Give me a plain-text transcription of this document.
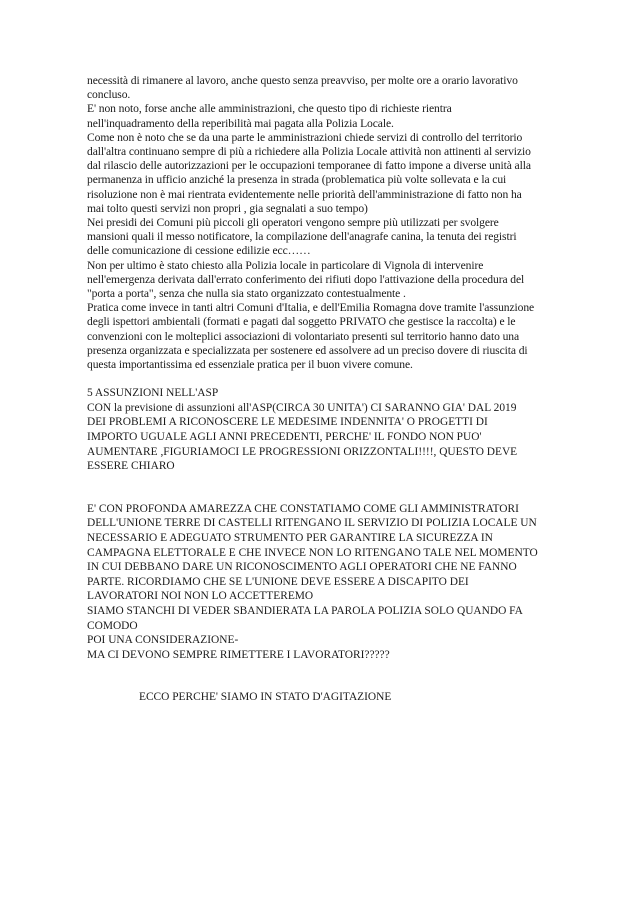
necessità di rimanere al lavoro, anche questo senza preavviso, per molte ore a orario lavorativo
concluso.
E' non noto, forse anche alle amministrazioni, che questo tipo di richieste rientra
nell'inquadramento della reperibilità mai pagata alla Polizia Locale.
Come non è noto che se da una parte le amministrazioni chiede servizi di controllo del territorio
dall'altra continuano sempre di più a richiedere alla Polizia Locale attività non attinenti al servizio
dal rilascio delle autorizzazioni per le occupazioni temporanee di fatto impone a diverse unità alla
permanenza in ufficio anziché la presenza in strada (problematica più volte sollevata e la cui
risoluzione non è mai rientrata evidentemente nelle priorità dell'amministrazione di fatto non ha
mai tolto questi servizi non propri , gia segnalati a suo tempo)
Nei presidi dei Comuni più piccoli gli operatori vengono sempre più utilizzati per svolgere
mansioni quali il messo notificatore, la compilazione dell'anagrafe canina, la tenuta dei registri
delle comunicazione di cessione edilizie ecc……
Non per ultimo è stato chiesto alla Polizia locale in particolare di Vignola di intervenire
nell'emergenza derivata dall'errato conferimento dei rifiuti dopo l'attivazione della procedura del
"porta a porta", senza che nulla sia stato organizzato contestualmente .
Pratica come invece in tanti altri Comuni d'Italia, e dell'Emilia Romagna dove tramite l'assunzione
degli ispettori ambientali (formati e pagati dal soggetto PRIVATO che gestisce la raccolta) e le
convenzioni con le molteplici associazioni di volontariato presenti sul territorio hanno dato una
presenza organizzata e specializzata per sostenere ed assolvere ad un preciso dovere di riuscita di
questa importantissima ed essenziale pratica per il buon vivere comune.
5 ASSUNZIONI NELL'ASP
CON la previsione di assunzioni all'ASP(CIRCA 30 UNITA') CI SARANNO GIA' DAL 2019
DEI PROBLEMI A RICONOSCERE LE MEDESIME INDENNITA' O PROGETTI DI
IMPORTO UGUALE AGLI ANNI PRECEDENTI, PERCHE' IL FONDO NON PUO'
AUMENTARE ,FIGURIAMOCI LE PROGRESSIONI ORIZZONTALI!!!!, QUESTO DEVE
ESSERE CHIARO
E' CON PROFONDA AMAREZZA CHE CONSTATIAMO COME GLI AMMINISTRATORI
DELL'UNIONE TERRE DI CASTELLI RITENGANO IL SERVIZIO DI POLIZIA LOCALE UN
NECESSARIO E ADEGUATO STRUMENTO PER GARANTIRE LA SICUREZZA IN
CAMPAGNA ELETTORALE E CHE INVECE NON LO RITENGANO TALE NEL MOMENTO
IN CUI DEBBANO DARE UN RICONOSCIMENTO AGLI OPERATORI CHE NE FANNO
PARTE. RICORDIAMO CHE SE L'UNIONE DEVE ESSERE A DISCAPITO DEI
LAVORATORI NOI NON LO ACCETTEREMO
SIAMO STANCHI DI VEDER SBANDIERATA LA PAROLA POLIZIA SOLO QUANDO FA
COMODO
POI UNA CONSIDERAZIONE-
MA CI DEVONO SEMPRE RIMETTERE I LAVORATORI?????
ECCO PERCHE' SIAMO IN STATO D'AGITAZIONE
